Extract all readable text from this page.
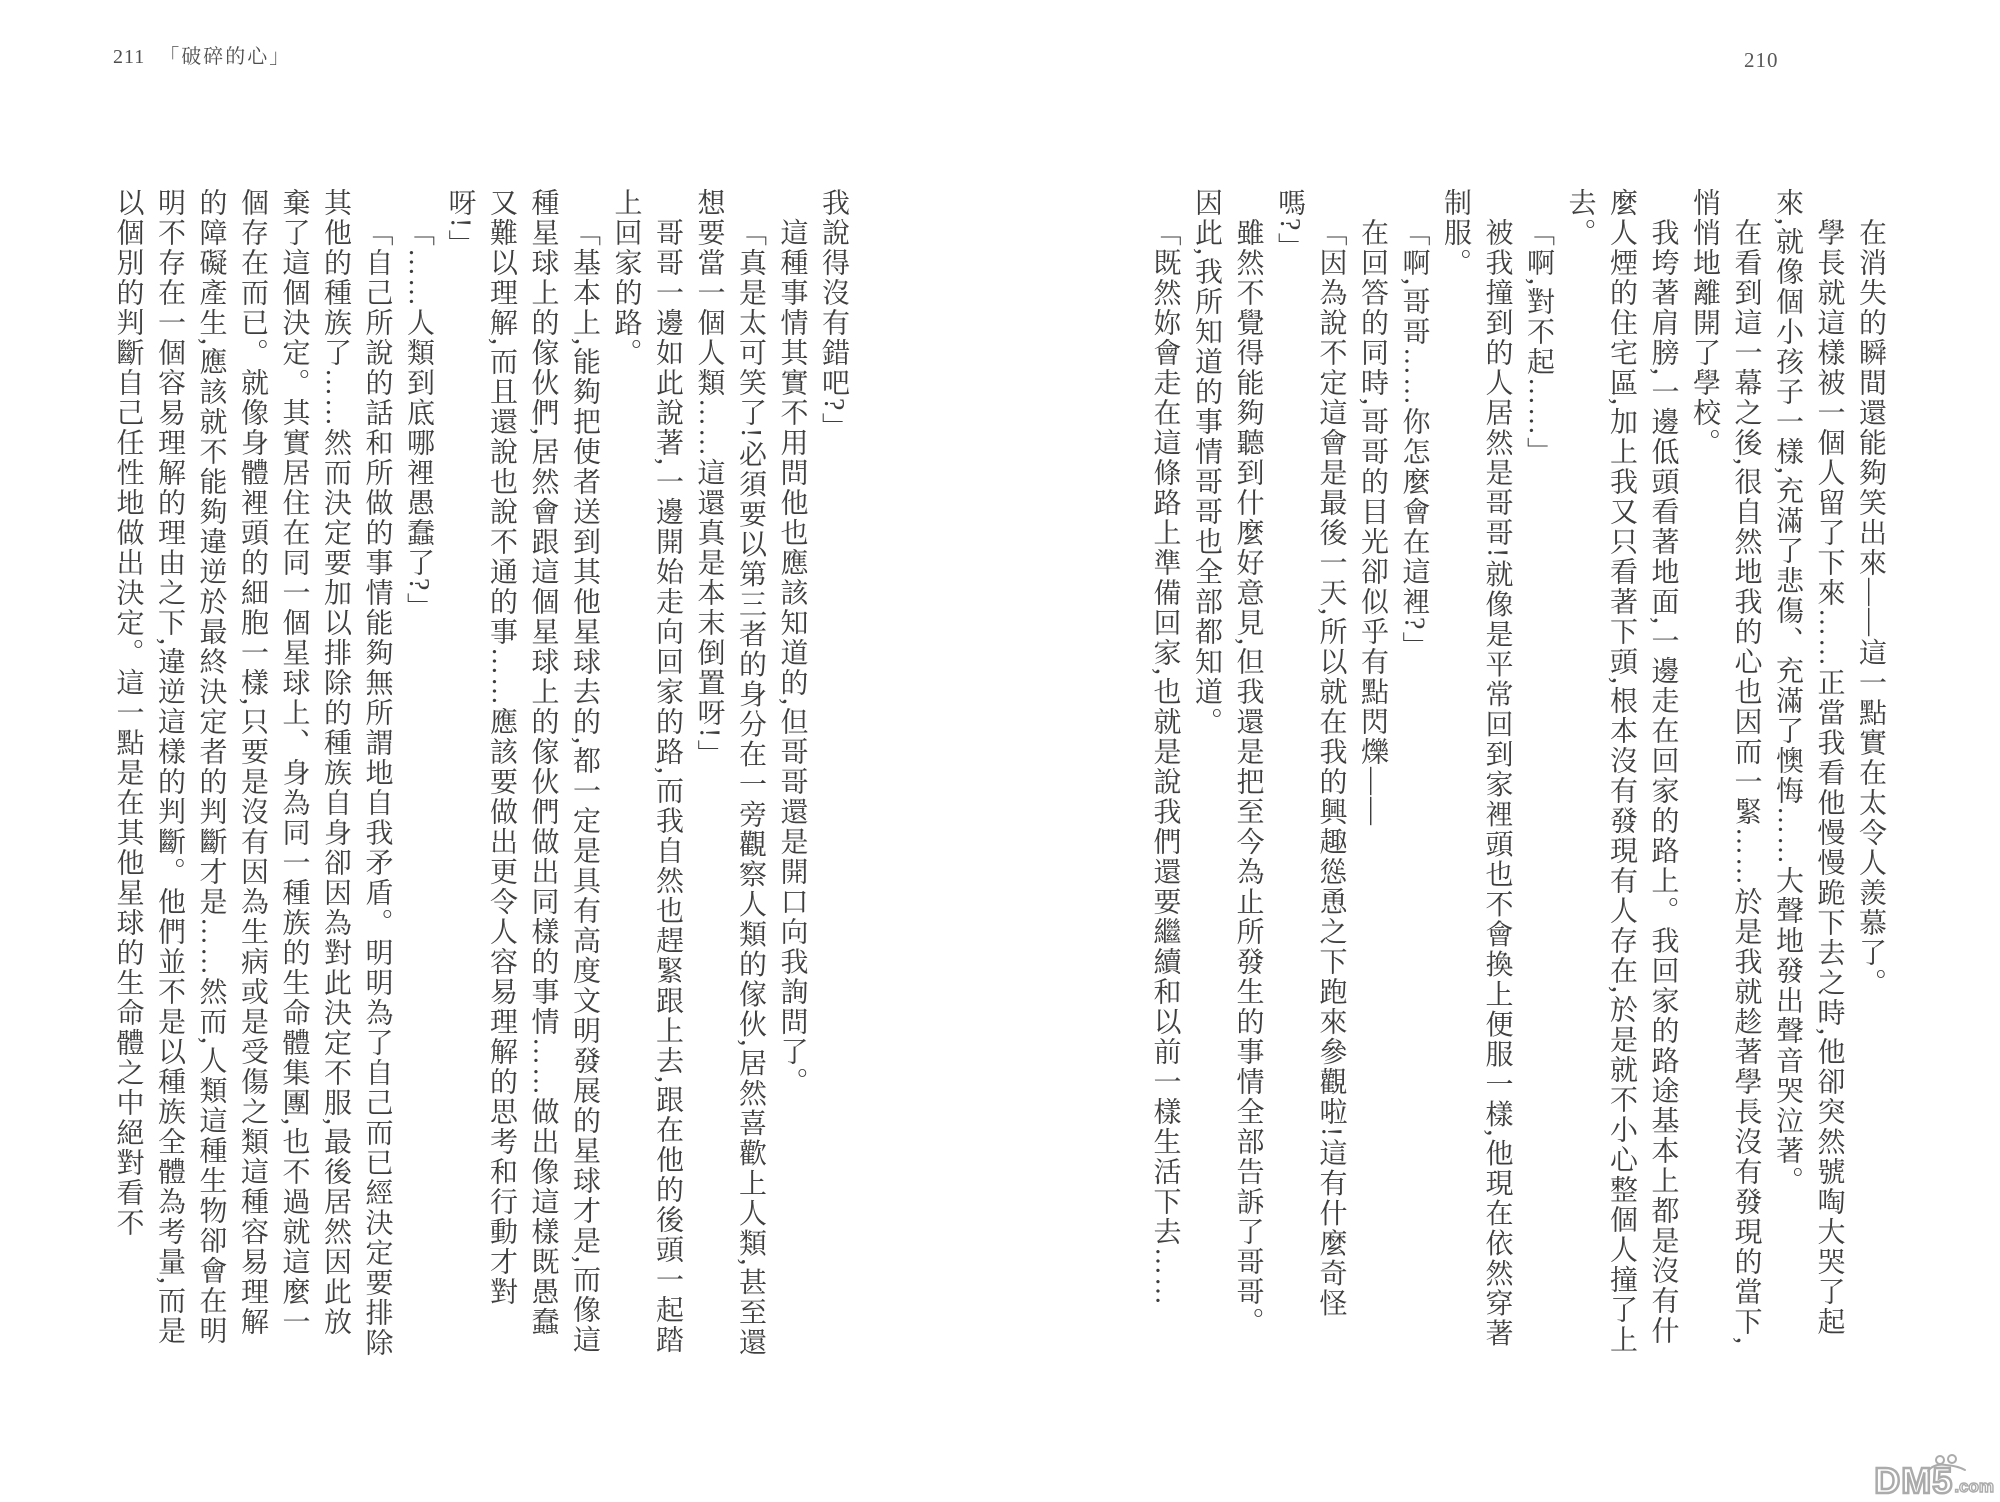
211 「破碎的心」	210

在消失的瞬間還能夠笑出來——這一點實在太令人羨慕了。

學長就這樣被一個人留了下來……正當我看他慢慢跪下去之時,他卻突然號啕大哭了起來,就像個小孩子一樣,充滿了悲傷、充滿了懊悔……大聲地發出聲音哭泣著。

在看到這一幕之後,很自然地我的心也因而一緊……於是我就趁著學長沒有發現的當下,悄悄地離開了學校。

我垮著肩膀,一邊低頭看著地面,一邊走在回家的路上。我回家的路途基本上都是沒有什麼人煙的住宅區,加上我又只看著下頭,根本沒有發現有人存在,於是就不小心整個人撞了上去。

「啊,對不起……」

被我撞到的人居然是哥哥!就像是平常回到家裡頭也不會換上便服一樣,他現在依然穿著制服。

「啊,哥哥……你怎麼會在這裡?」

在回答的同時,哥哥的目光卻似乎有點閃爍——

「因為說不定這會是最後一天,所以就在我的興趣慫恿之下跑來參觀啦!這有什麼奇怪嗎?」

雖然不覺得能夠聽到什麼好意見,但我還是把至今為止所發生的事情全部告訴了哥哥。因此,我所知道的事情哥哥也全部都知道。

「既然妳會走在這條路上準備回家,也就是說我們還要繼續和以前一樣生活下去……

我說得沒有錯吧?」

這種事情其實不用問他也應該知道的,但哥哥還是開口向我詢問了。

「真是太可笑了!必須要以第三者的身分在一旁觀察人類的傢伙,居然喜歡上人類,甚至還想要當一個人類……這還真是本末倒置呀!」

哥哥一邊如此說著,一邊開始走向回家的路,而我自然也趕緊跟上去,跟在他的後頭一起踏上回家的路。

「基本上,能夠把使者送到其他星球去的,都一定是具有高度文明發展的星球才是,而像這種星球上的傢伙們,居然會跟這個星球上的傢伙們做出同樣的事情……做出像這樣既愚蠢又難以理解,而且還說也說不通的事……應該要做出更令人容易理解的思考和行動才對呀!」

「……人類到底哪裡愚蠢了?」

「自己所說的話和所做的事情能夠無所謂地自我矛盾。明明為了自己而已經決定要排除其他的種族了……然而決定要加以排除的種族自身卻因為對此決定不服,最後居然因此放棄了這個決定。其實居住在同一個星球上、身為同一種族的生命體集團,也不過就這麼一個存在而已。就像身體裡頭的細胞一樣,只要是沒有因為生病或是受傷之類這種容易理解的障礙產生,應該就不能夠違逆於最終決定者的判斷才是……然而,人類這種生物卻會在明明不存在一個容易理解的理由之下,違逆這樣的判斷。他們並不是以種族全體為考量,而是以個別的判斷自己任性地做出決定。這一點是在其他星球的生命體之中絕對看不

DM5 .com
